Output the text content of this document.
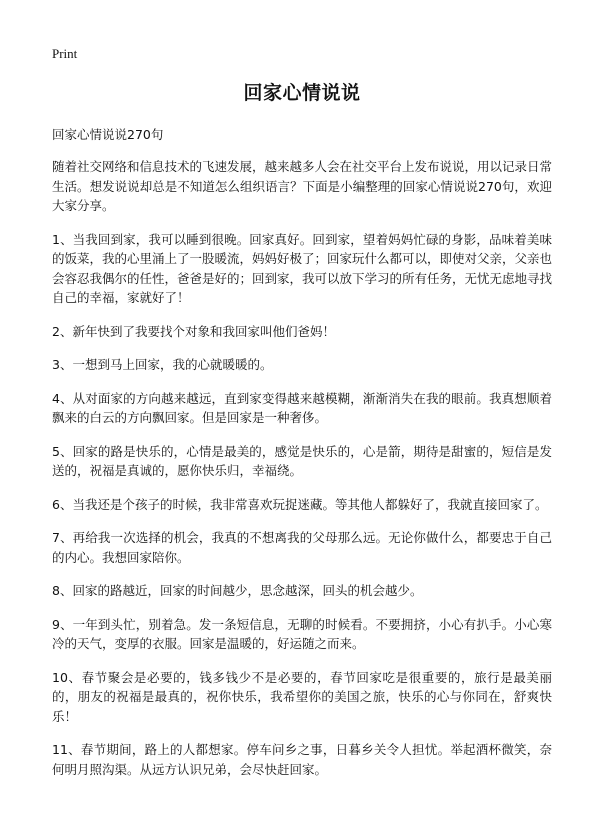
Print
回家心情说说

回家心情说说270句

随着社交网络和信息技术的飞速发展，越来越多人会在社交平台上发布说说，用以记录日常生活。想发说说却总是不知道怎么组织语言？下面是小编整理的回家心情说说270句，欢迎大家分享。

1、当我回到家，我可以睡到很晚。回家真好。回到家，望着妈妈忙碌的身影，品味着美味的饭菜，我的心里涌上了一股暖流，妈妈好极了；回家玩什么都可以，即使对父亲，父亲也会容忍我偶尔的任性，爸爸是好的；回到家，我可以放下学习的所有任务，无忧无虑地寻找自己的幸福，家就好了！

2、新年快到了我要找个对象和我回家叫他们爸妈！

3、一想到马上回家，我的心就暖暖的。

4、从对面家的方向越来越远，直到家变得越来越模糊，渐渐消失在我的眼前。我真想顺着飘来的白云的方向飘回家。但是回家是一种奢侈。

5、回家的路是快乐的，心情是最美的，感觉是快乐的，心是箭，期待是甜蜜的，短信是发送的，祝福是真诚的，愿你快乐归，幸福绕。

6、当我还是个孩子的时候，我非常喜欢玩捉迷藏。等其他人都躲好了，我就直接回家了。

7、再给我一次选择的机会，我真的不想离我的父母那么远。无论你做什么，都要忠于自己的内心。我想回家陪你。

8、回家的路越近，回家的时间越少，思念越深，回头的机会越少。

9、一年到头忙，别着急。发一条短信息，无聊的时候看。不要拥挤，小心有扒手。小心寒冷的天气，变厚的衣服。回家是温暖的，好运随之而来。

10、春节聚会是必要的，钱多钱少不是必要的，春节回家吃是很重要的，旅行是最美丽的，朋友的祝福是最真的，祝你快乐，我希望你的美国之旅，快乐的心与你同在，舒爽快乐！

11、春节期间，路上的人都想家。停车问乡之事，日暮乡关令人担忧。举起酒杯微笑，奈何明月照沟渠。从远方认识兄弟，会尽快赶回家。
